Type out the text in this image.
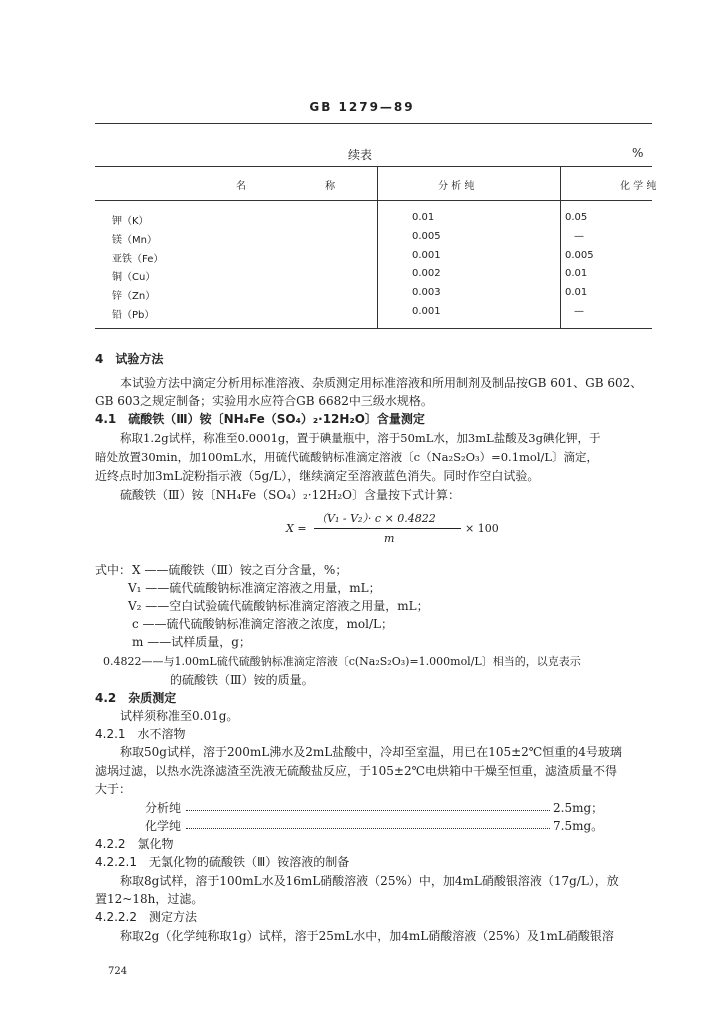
GB 1279—89
续表	%
名 称	分 析 纯	化 学 纯
钾（K）	0.01	0.05
镁（Mn）	0.005	—
亚铁（Fe）	0.001	0.005
铜（Cu）	0.002	0.01
锌（Zn）	0.003	0.01
铅（Pb）	0.001	—

4　试验方法

本试验方法中滴定分析用标准溶液、杂质测定用标准溶液和所用制剂及制品按GB 601、GB 602、

GB 603之规定制备；实验用水应符合GB 6682中三级水规格。

4.1　硫酸铁（Ⅲ）铵〔NH₄Fe（SO₄）₂·12H₂O〕含量测定

称取1.2g试样，称准至0.0001g，置于碘量瓶中，溶于50mL水，加3mL盐酸及3g碘化钾，于

暗处放置30min，加100mL水，用硫代硫酸钠标准滴定溶液〔c（Na₂S₂O₃）=0.1mol/L〕滴定，

近终点时加3mL淀粉指示液（5g/L），继续滴定至溶液蓝色消失。同时作空白试验。

硫酸铁（Ⅲ）铵〔NH₄Fe（SO₄）₂·12H₂O〕含量按下式计算：

X =
（V₁ - V₂）· c × 0.4822
m
× 100

式中： X ——硫酸铁（Ⅲ）铵之百分含量，%；

V₁ ——硫代硫酸钠标准滴定溶液之用量，mL；

V₂ ——空白试验硫代硫酸钠标准滴定溶液之用量，mL；

c ——硫代硫酸钠标准滴定溶液之浓度，mol/L；

m ——试样质量，g；

0.4822——与1.00mL硫代硫酸钠标准滴定溶液〔c(Na₂S₂O₃)=1.000mol/L〕相当的，以克表示

的硫酸铁（Ⅲ）铵的质量。

4.2　杂质测定

试样须称准至0.01g。

4.2.1　水不溶物

称取50g试样，溶于200mL沸水及2mL盐酸中，冷却至室温，用已在105±2℃恒重的4号玻璃

滤埚过滤，以热水洗涤滤渣至洗液无硫酸盐反应，于105±2℃电烘箱中干燥至恒重，滤渣质量不得

大于：

分析纯	2.5mg；

化学纯	7.5mg。

4.2.2　氯化物

4.2.2.1　无氯化物的硫酸铁（Ⅲ）铵溶液的制备

称取8g试样，溶于100mL水及16mL硝酸溶液（25%）中，加4mL硝酸银溶液（17g/L），放

置12~18h，过滤。

4.2.2.2　测定方法

称取2g（化学纯称取1g）试样，溶于25mL水中，加4mL硝酸溶液（25%）及1mL硝酸银溶

724
